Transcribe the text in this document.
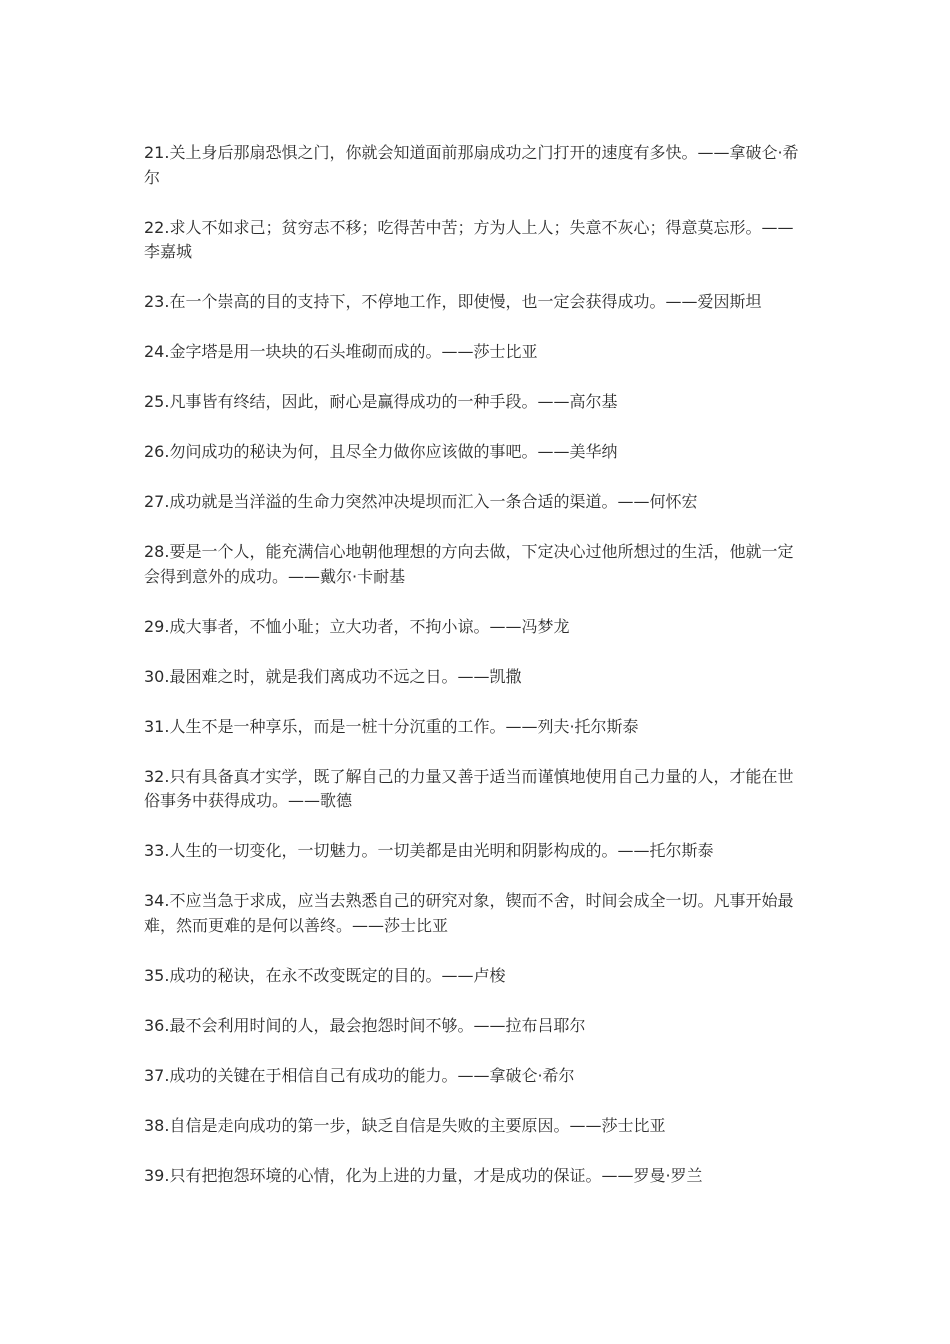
21.关上身后那扇恐惧之门，你就会知道面前那扇成功之门打开的速度有多快。——拿破仑·希尔
22.求人不如求己；贫穷志不移；吃得苦中苦；方为人上人；失意不灰心；得意莫忘形。——李嘉城
23.在一个崇高的目的支持下，不停地工作，即使慢，也一定会获得成功。——爱因斯坦
24.金字塔是用一块块的石头堆砌而成的。——莎士比亚
25.凡事皆有终结，因此，耐心是赢得成功的一种手段。——高尔基
26.勿问成功的秘诀为何，且尽全力做你应该做的事吧。——美华纳
27.成功就是当洋溢的生命力突然冲决堤坝而汇入一条合适的渠道。——何怀宏
28.要是一个人，能充满信心地朝他理想的方向去做，下定决心过他所想过的生活，他就一定会得到意外的成功。——戴尔·卡耐基
29.成大事者，不恤小耻；立大功者，不拘小谅。——冯梦龙
30.最困难之时，就是我们离成功不远之日。——凯撒
31.人生不是一种享乐，而是一桩十分沉重的工作。——列夫·托尔斯泰
32.只有具备真才实学，既了解自己的力量又善于适当而谨慎地使用自己力量的人，才能在世俗事务中获得成功。——歌德
33.人生的一切变化，一切魅力。一切美都是由光明和阴影构成的。——托尔斯泰
34.不应当急于求成，应当去熟悉自己的研究对象，锲而不舍，时间会成全一切。凡事开始最难，然而更难的是何以善终。——莎士比亚
35.成功的秘诀，在永不改变既定的目的。——卢梭
36.最不会利用时间的人，最会抱怨时间不够。——拉布吕耶尔
37.成功的关键在于相信自己有成功的能力。——拿破仑·希尔
38.自信是走向成功的第一步，缺乏自信是失败的主要原因。——莎士比亚
39.只有把抱怨环境的心情，化为上进的力量，才是成功的保证。——罗曼·罗兰
